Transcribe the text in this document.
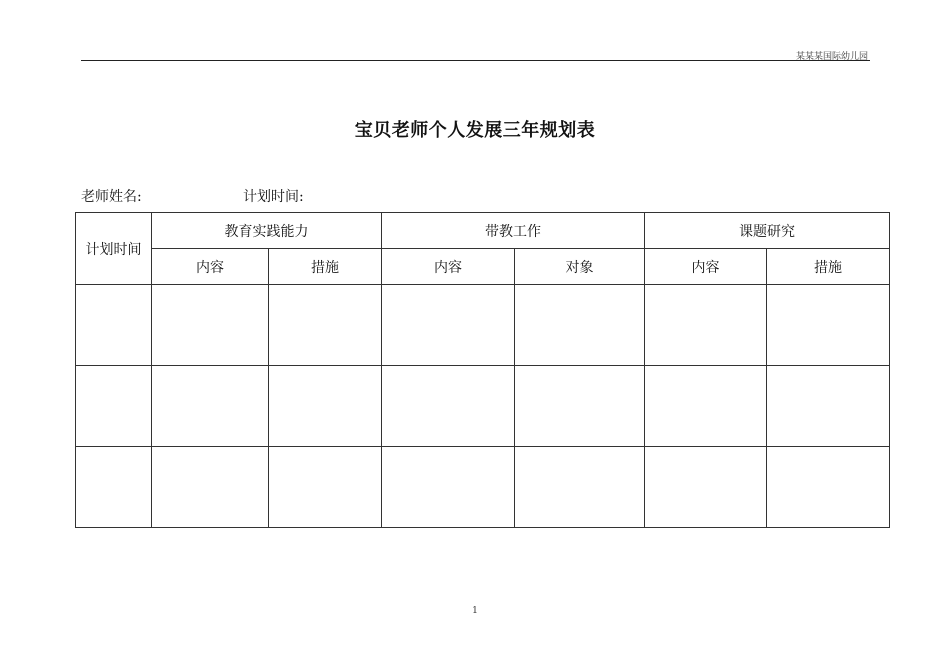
某某某国际幼儿园
宝贝老师个人发展三年规划表
老师姓名:	计划时间:
计划时间	教育实践能力		带教工作		课题研究	
	内容	措施	内容	对象	内容	措施

1
